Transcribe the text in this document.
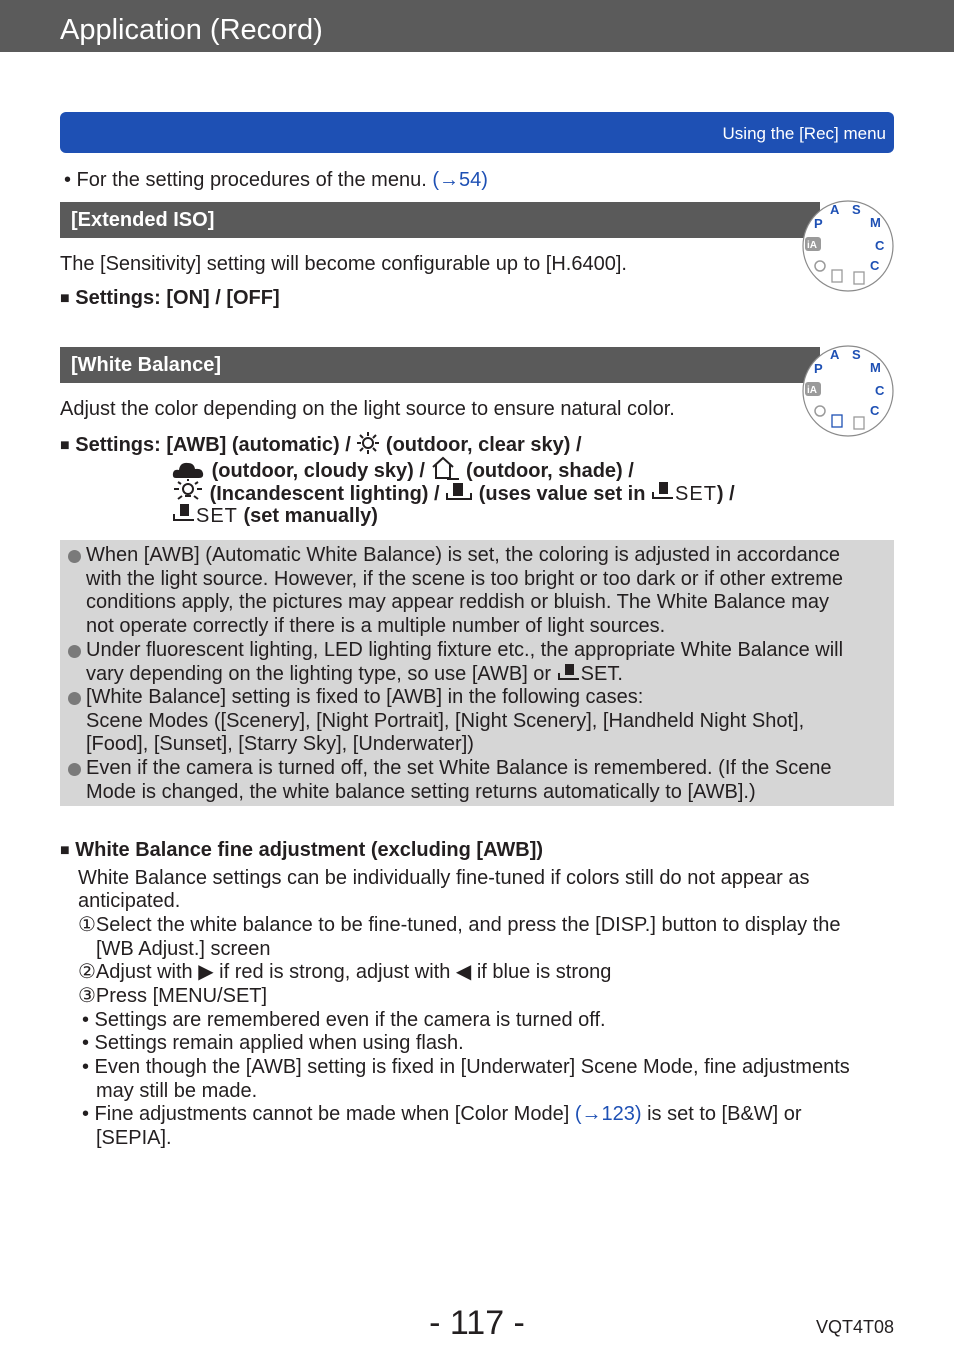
Application (Record)
Using the [Rec] menu
• For the setting procedures of the menu. (→54)
[Extended ISO]
The [Sensitivity] setting will become configurable up to [H.6400].
■ Settings: [ON] / [OFF]
P
A S
M
C
C
iA
[White Balance]
Adjust the color depending on the light source to ensure natural color.
P
A S
M
C
C
iA
■ Settings: [AWB] (automatic) / (outdoor, clear sky) /
(outdoor, cloudy sky) / (outdoor, shade) /
(Incandescent lighting) / (uses value set in SET) /
SET (set manually)
When [AWB] (Automatic White Balance) is set, the coloring is adjusted in accordance
with the light source. However, if the scene is too bright or too dark or if other extreme
conditions apply, the pictures may appear reddish or bluish. The White Balance may
not operate correctly if there is a multiple number of light sources.
Under fluorescent lighting, LED lighting fixture etc., the appropriate White Balance will
vary depending on the lighting type, so use [AWB] or SET.
[White Balance] setting is fixed to [AWB] in the following cases:
Scene Modes ([Scenery], [Night Portrait], [Night Scenery], [Handheld Night Shot],
[Food], [Sunset], [Starry Sky], [Underwater])
Even if the camera is turned off, the set White Balance is remembered. (If the Scene
Mode is changed, the white balance setting returns automatically to [AWB].)
■ White Balance fine adjustment (excluding [AWB])
White Balance settings can be individually fine-tuned if colors still do not appear as
anticipated.
①Select the white balance to be fine-tuned, and press the [DISP.] button to display the
[WB Adjust.] screen
②Adjust with ▶ if red is strong, adjust with ◀ if blue is strong
③Press [MENU/SET]
• Settings are remembered even if the camera is turned off.
• Settings remain applied when using flash.
• Even though the [AWB] setting is fixed in [Underwater] Scene Mode, fine adjustments
may still be made.
• Fine adjustments cannot be made when [Color Mode] (→123) is set to [B&W] or
[SEPIA].
- 117 -	VQT4T08
